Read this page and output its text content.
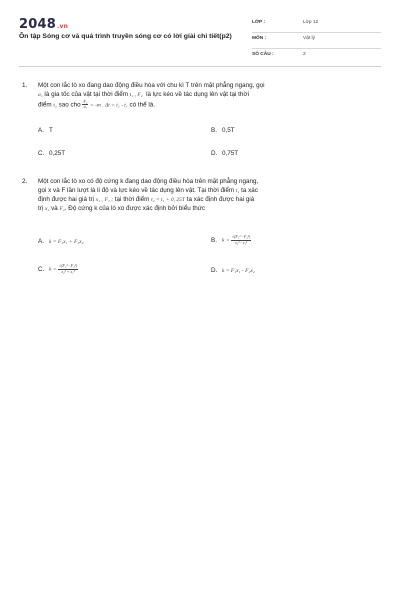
2048.vn
Ôn tập Sóng cơ và quá trình truyền sóng cơ có lời giải chi tiết(p2)
LỚP :	Lớp 12
MÔN :	Vật lý
SỐ CÂU :	2
1. Một con lắc lò xo đang dao động điều hòa với chu kì T trên mặt phẳng ngang, gọi
a₁ là gia tốc của vật tại thời điểm t₁ , F₂ là lực kéo về tác dụng lên vật tại thời
điểm t₂ sao cho $\frac{\text{F₂}}{\text{a₁}} = -m$ . Δt = t₂ - t₁ có thể là.
A. T	B. 0,5T
C. 0,25T	D. 0,75T
2. Một con lắc lò xo có độ cứng k đang dao động điều hòa trên mặt phẳng ngang,
gọi x và F lần lượt là li độ và lực kéo về tác dụng lên vật. Tại thời điểm t₁ ta xác
định được hai giá trị x₁ , F₁ ; tại thời điểm t₂ = t₁ + 0, 25T ta xác định được hai giá
trị x₂ và F₂. Độ cứng k của lò xo được xác định bởi biểu thức
A. k = F₁x₁ + F₂x₂	B. $k = \frac{\text{√(F₁² - F₂²)}}{\text{x₂² - x₁²}}$
C. $k = \frac{\text{√(F₁² - F₂²)}}{\text{x₂² + x₁²}}$	D. k = F₁x₁ - F₂x₂
